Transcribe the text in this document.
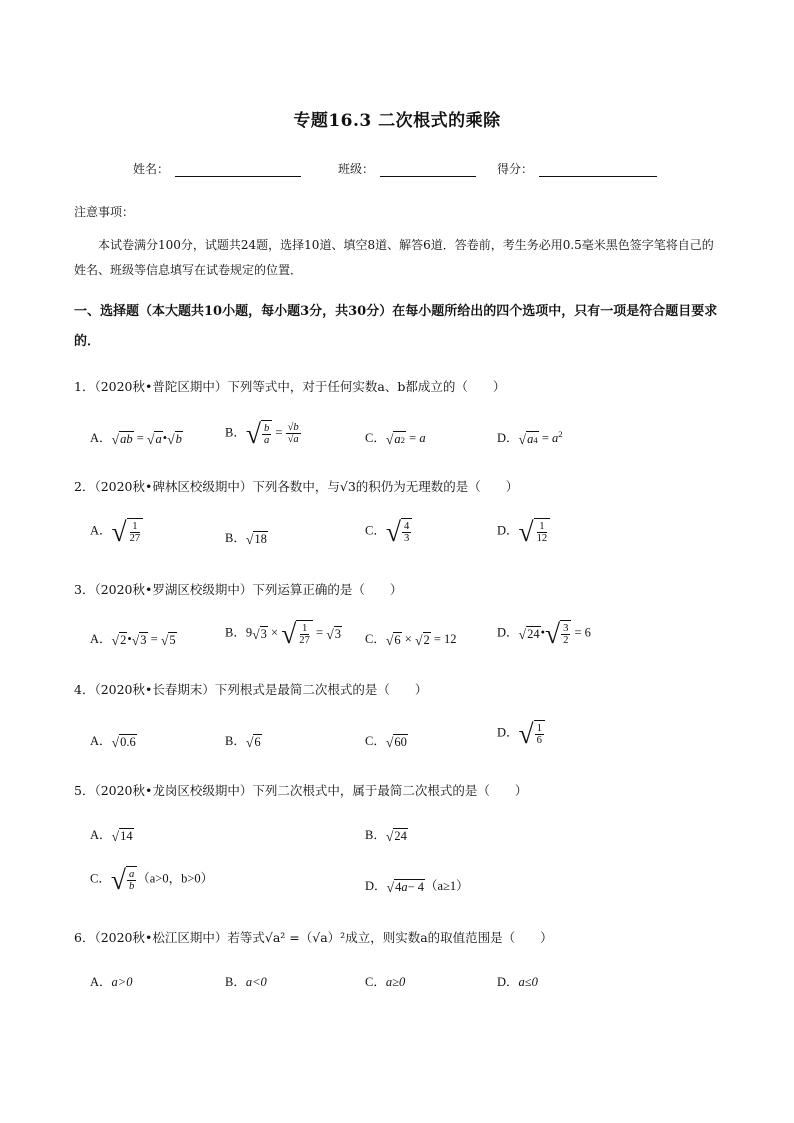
专题16.3 二次根式的乘除
姓名：	班级：	得分：
注意事项：
本试卷满分100分，试题共24题，选择10道、填空8道、解答6道．答卷前，考生务必用0.5毫米黑色签字笔将自己的姓名、班级等信息填写在试卷规定的位置．
一、选择题（本大题共10小题，每小题3分，共30分）在每小题所给出的四个选项中，只有一项是符合题目要求的．
1．（2020秋•普陀区期中）下列等式中，对于任何实数a、b都成立的（　　）
A． √ ab = √ a • √ b	B． √ $\frac{b}{a} = \frac{√b}{√a}$	C． √ a 2 = a	D． √ a $4 = a^2$
2．（2020秋•碑林区校级期中）下列各数中，与√3的积仍为无理数的是（　　）
A． √ $\frac{1}{27}$	B． √ 18
C． √ $\frac{4}{3}$	D． √ $\frac{1}{12}$
3．（2020秋•罗湖区校级期中）下列运算正确的是（　　）
A． √ 2 • √ 3 = √ 5
B．9 √ 3 × √ $\frac{1}{27}$ = √ 3 C． √ 6 × √ 2 = 12	D． √ 24 • √ $\frac{3}{2} = 6$
4．（2020秋•长春期末）下列根式是最简二次根式的是（　　）
A． √ 0.6	B． √ 6	C． √ 60
D． √ $\frac{1}{6}$
5．（2020秋•龙岗区校级期中）下列二次根式中，属于最简二次根式的是（　　）
A． √ 14	B． √ 24
C． √ $\frac{a}{b} (a>0$，b>0）
D． √ 4 a − 4 （a≥1）
6．（2020秋•松江区期中）若等式√a² =（√a）²成立，则实数a的取值范围是（　　）
A．a>0	B．a<0	C．a≥0	D．a≤0
